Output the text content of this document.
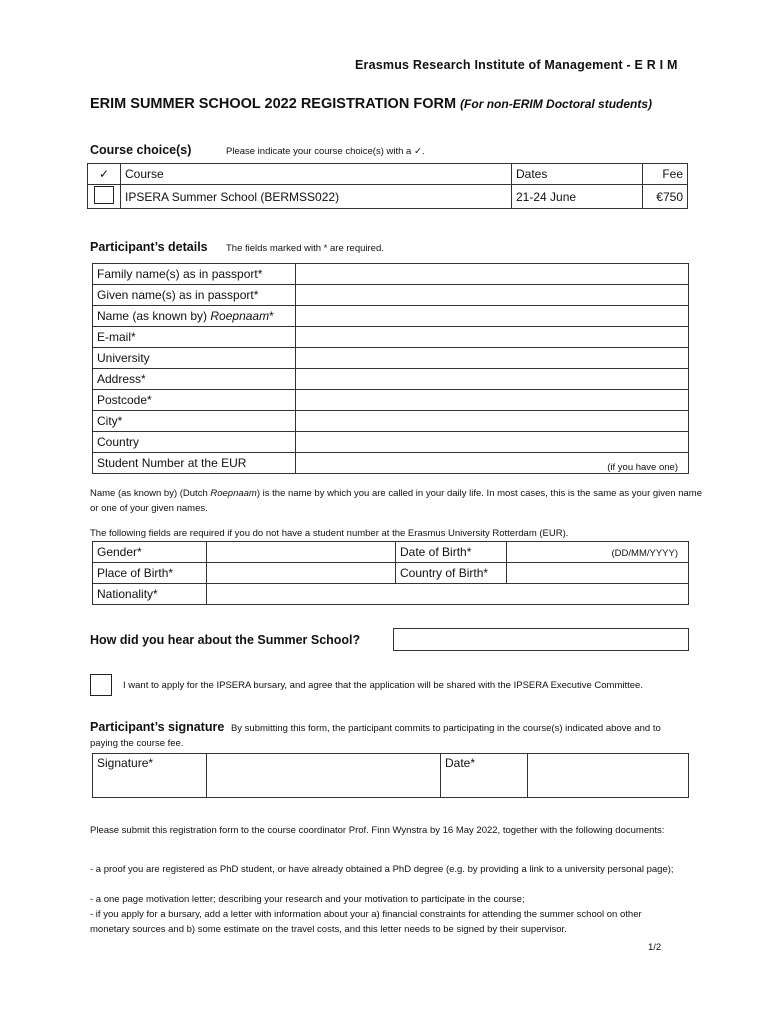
Erasmus Research Institute of Management - E R I M
ERIM SUMMER SCHOOL 2022 REGISTRATION FORM (For non-ERIM Doctoral students)
Course choice(s)	Please indicate your course choice(s) with a ✓.
✓	Course	Dates	Fee
	IPSERA Summer School (BERMSS022)	21-24 June	€750
Participant’s details The fields marked with * are required.
Family name(s) as in passport*	
Given name(s) as in passport*	
Name (as known by) Roepnaam*	
E-mail*	
University	
Address*	
Postcode*	
City*	
Country	
Student Number at the EUR	(if you have one)
Name (as known by) (Dutch Roepnaam) is the name by which you are called in your daily life. In most cases, this is the same as your given name or one of your given names.
The following fields are required if you do not have a student number at the Erasmus University Rotterdam (EUR).
Gender*		Date of Birth*	(DD/MM/YYYY)
Place of Birth*		Country of Birth*	
Nationality*			
How did you hear about the Summer School?
I want to apply for the IPSERA bursary, and agree that the application will be shared with the IPSERA Executive Committee.
Participant’s signature By submitting this form, the participant commits to participating in the course(s) indicated above and to paying the course fee.
Signature*		Date*	
Please submit this registration form to the course coordinator Prof. Finn Wynstra by 16 May 2022, together with the following documents:
- a proof you are registered as PhD student, or have already obtained a PhD degree (e.g. by providing a link to a university personal page);
- a one page motivation letter; describing your research and your motivation to participate in the course;
- if you apply for a bursary, add a letter with information about your a) financial constraints for attending the summer school on other monetary sources and b) some estimate on the travel costs, and this letter needs to be signed by their supervisor.
1/2
